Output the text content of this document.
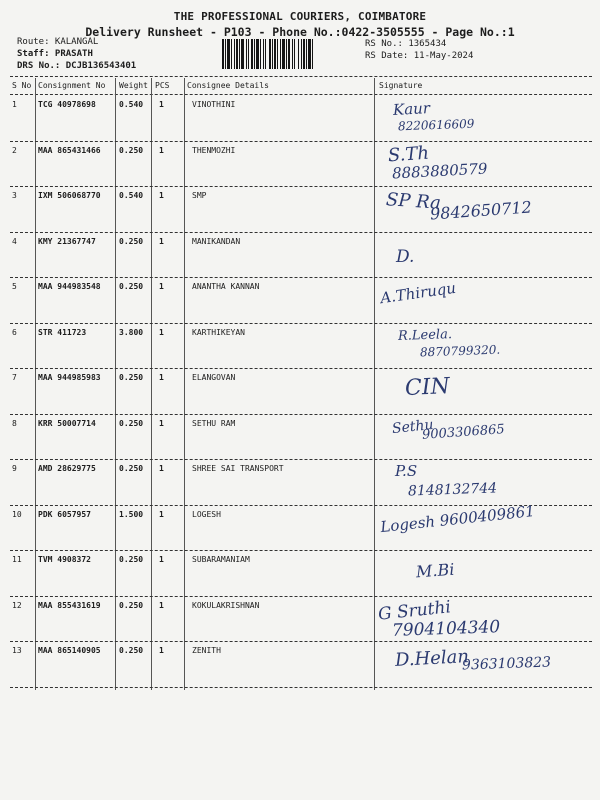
THE PROFESSIONAL COURIERS, COIMBATORE
Delivery Runsheet - P103 - Phone No.:0422-3505555 - Page No.:1
Route: KALANGAL
Staff: PRASATH
DRS No.: DCJB136543401
RS No.: 1365434
RS Date: 11-May-2024
S No Consignment No Weight PCS Consignee Details	Signature
1	TCG 40978698	0.540 1	VINOTHINI	Kaur
8220616609
2	MAA 865431466 0.250 1	THENMOZHI	S.Th
8883880579
3	IXM 506068770 0.540 1	SMP	SP Ra
9842650712
4	KMY 21367747	0.250 1	MANIKANDAN
D.
5	MAA 944983548 0.250 1	ANANTHA KANNAN	A.Thiruqu
6	STR 411723	3.800 1	KARTHIKEYAN	R.Leela.
8870799320.
7	MAA 944985983 0.250 1	ELANGOVAN	CIN
8	KRR 50007714	0.250 1	SETHU RAM	Sethu
9003306865
9	AMD 28629775	0.250 1	SHREE SAI TRANSPORT	P.S
8148132744
10 PDK 6057957	1.500 1	LOGESH	Logesh 9600409861
11 TVM 4908372	0.250 1	SUBARAMANIAM
M.Bi
12 MAA 855431619 0.250 1	KOKULAKRISHNAN	G Sruthi
7904104340
13 MAA 865140905 0.250 1	ZENITH	D.Helan
9363103823
